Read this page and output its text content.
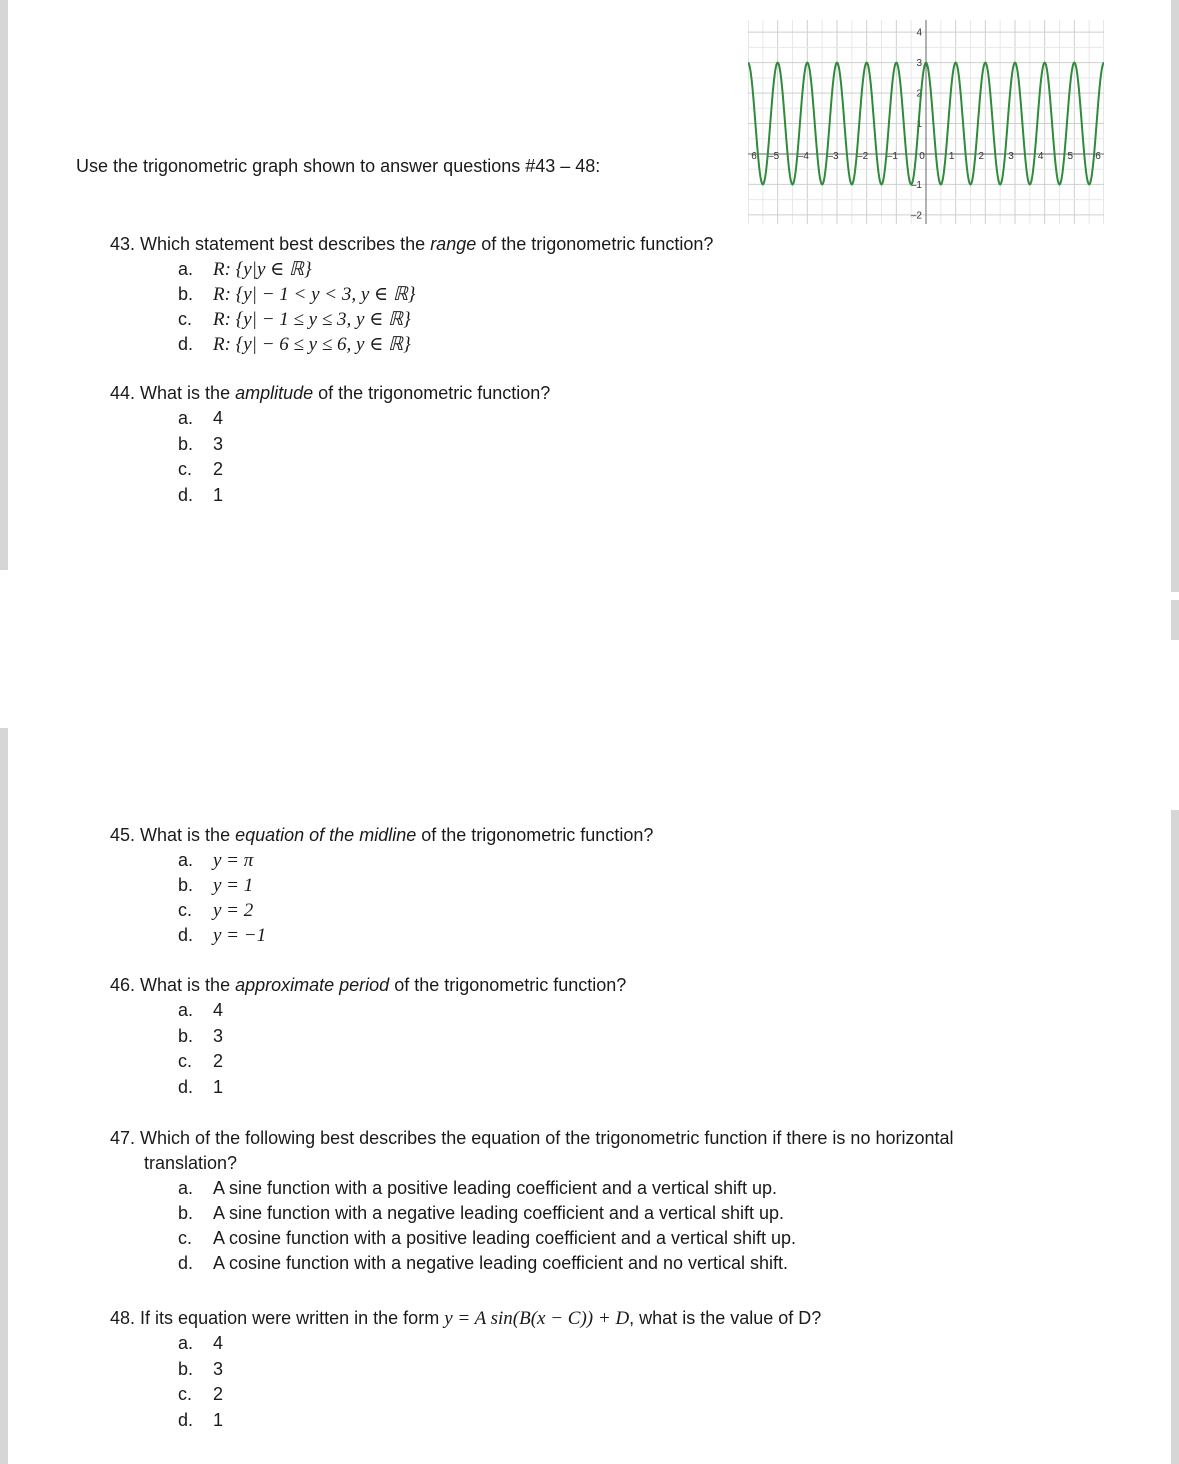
Use the trigonometric graph shown to answer questions #43 – 48:	6 –5 –4 –3 –2 –1 0 1 2 3 4 5 6
4
3
2
1
–1
–2

43. Which statement best describes the range of the trigonometric function?

a. R: {y|y ∈ ℝ}
b. R: {y| − 1 < y < 3, y ∈ ℝ}
c. R: {y| − 1 ≤ y ≤ 3, y ∈ ℝ}
d. R: {y| − 6 ≤ y ≤ 6, y ∈ ℝ}

44. What is the amplitude of the trigonometric function?

a. 4
b. 3
c. 2
d. 1

45. What is the equation of the midline of the trigonometric function?

a. y = π
b. y = 1
c. y = 2
d. y = −1

46. What is the approximate period of the trigonometric function?

a. 4
b. 3
c. 2
d. 1

47. Which of the following best describes the equation of the trigonometric function if there is no horizontal

translation?

a. A sine function with a positive leading coefficient and a vertical shift up.
b. A sine function with a negative leading coefficient and a vertical shift up.
c. A cosine function with a positive leading coefficient and a vertical shift up.
d. A cosine function with a negative leading coefficient and no vertical shift.

48. If its equation were written in the form y = A sin(B(x − C)) + D, what is the value of D?

a. 4
b. 3
c. 2
d. 1
